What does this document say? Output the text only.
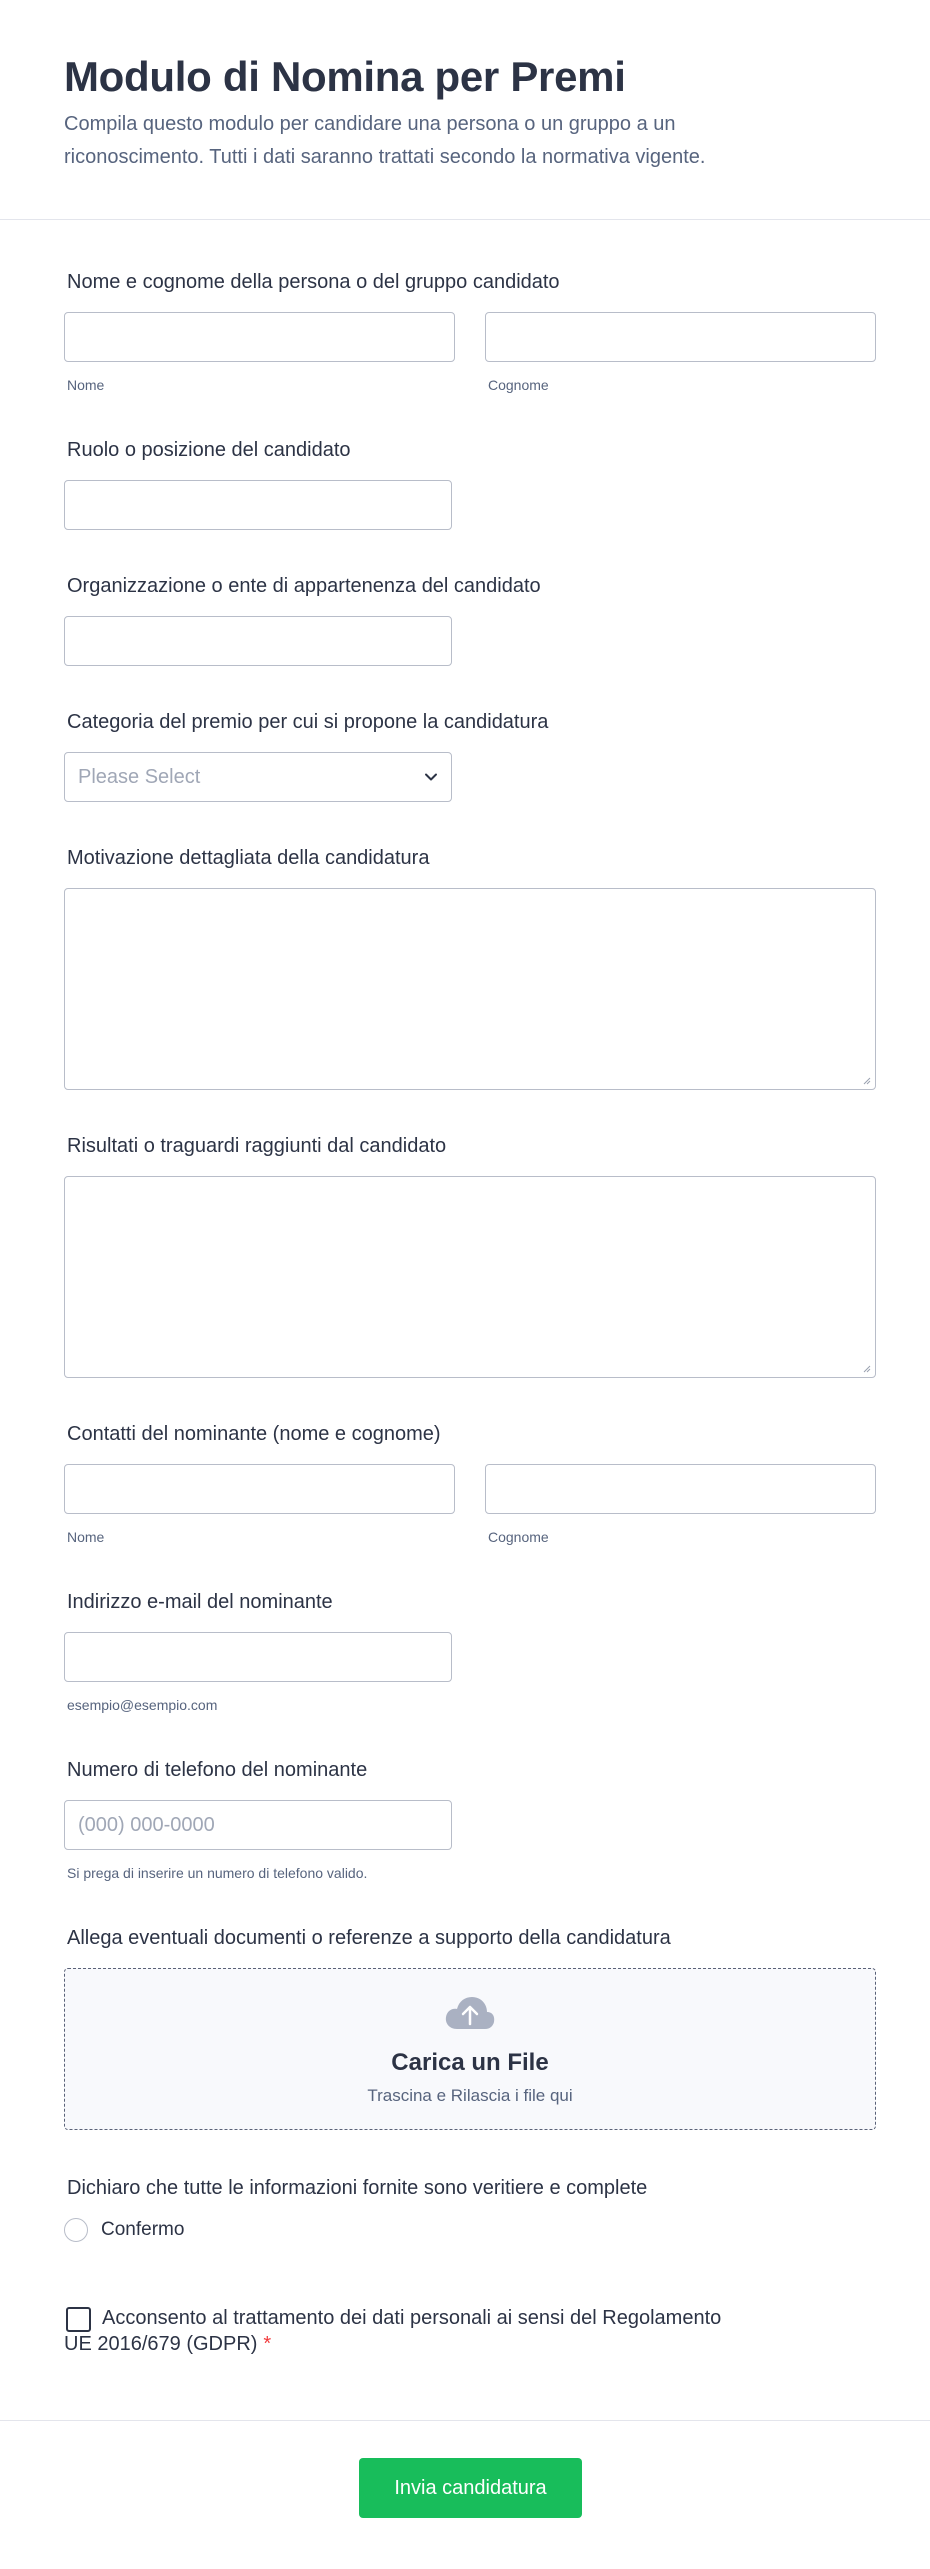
Modulo di Nomina per Premi

Compila questo modulo per candidare una persona o un gruppo a un riconoscimento. Tutti i dati saranno trattati secondo la normativa vigente.

Nome e cognome della persona o del gruppo candidato
Nome	Cognome
Ruolo o posizione del candidato
Organizzazione o ente di appartenenza del candidato
Categoria del premio per cui si propone la candidatura
Please Select
Motivazione dettagliata della candidatura
Risultati o traguardi raggiunti dal candidato
Contatti del nominante (nome e cognome)
Nome	Cognome
Indirizzo e-mail del nominante
esempio@esempio.com
Numero di telefono del nominante
(000) 000-0000
Si prega di inserire un numero di telefono valido.
Allega eventuali documenti o referenze a supporto della candidatura
Carica un File
Trascina e Rilascia i file qui
Dichiaro che tutte le informazioni fornite sono veritiere e complete
Confermo
Acconsento al trattamento dei dati personali ai sensi del Regolamento
UE 2016/679 (GDPR) *
Invia candidatura
